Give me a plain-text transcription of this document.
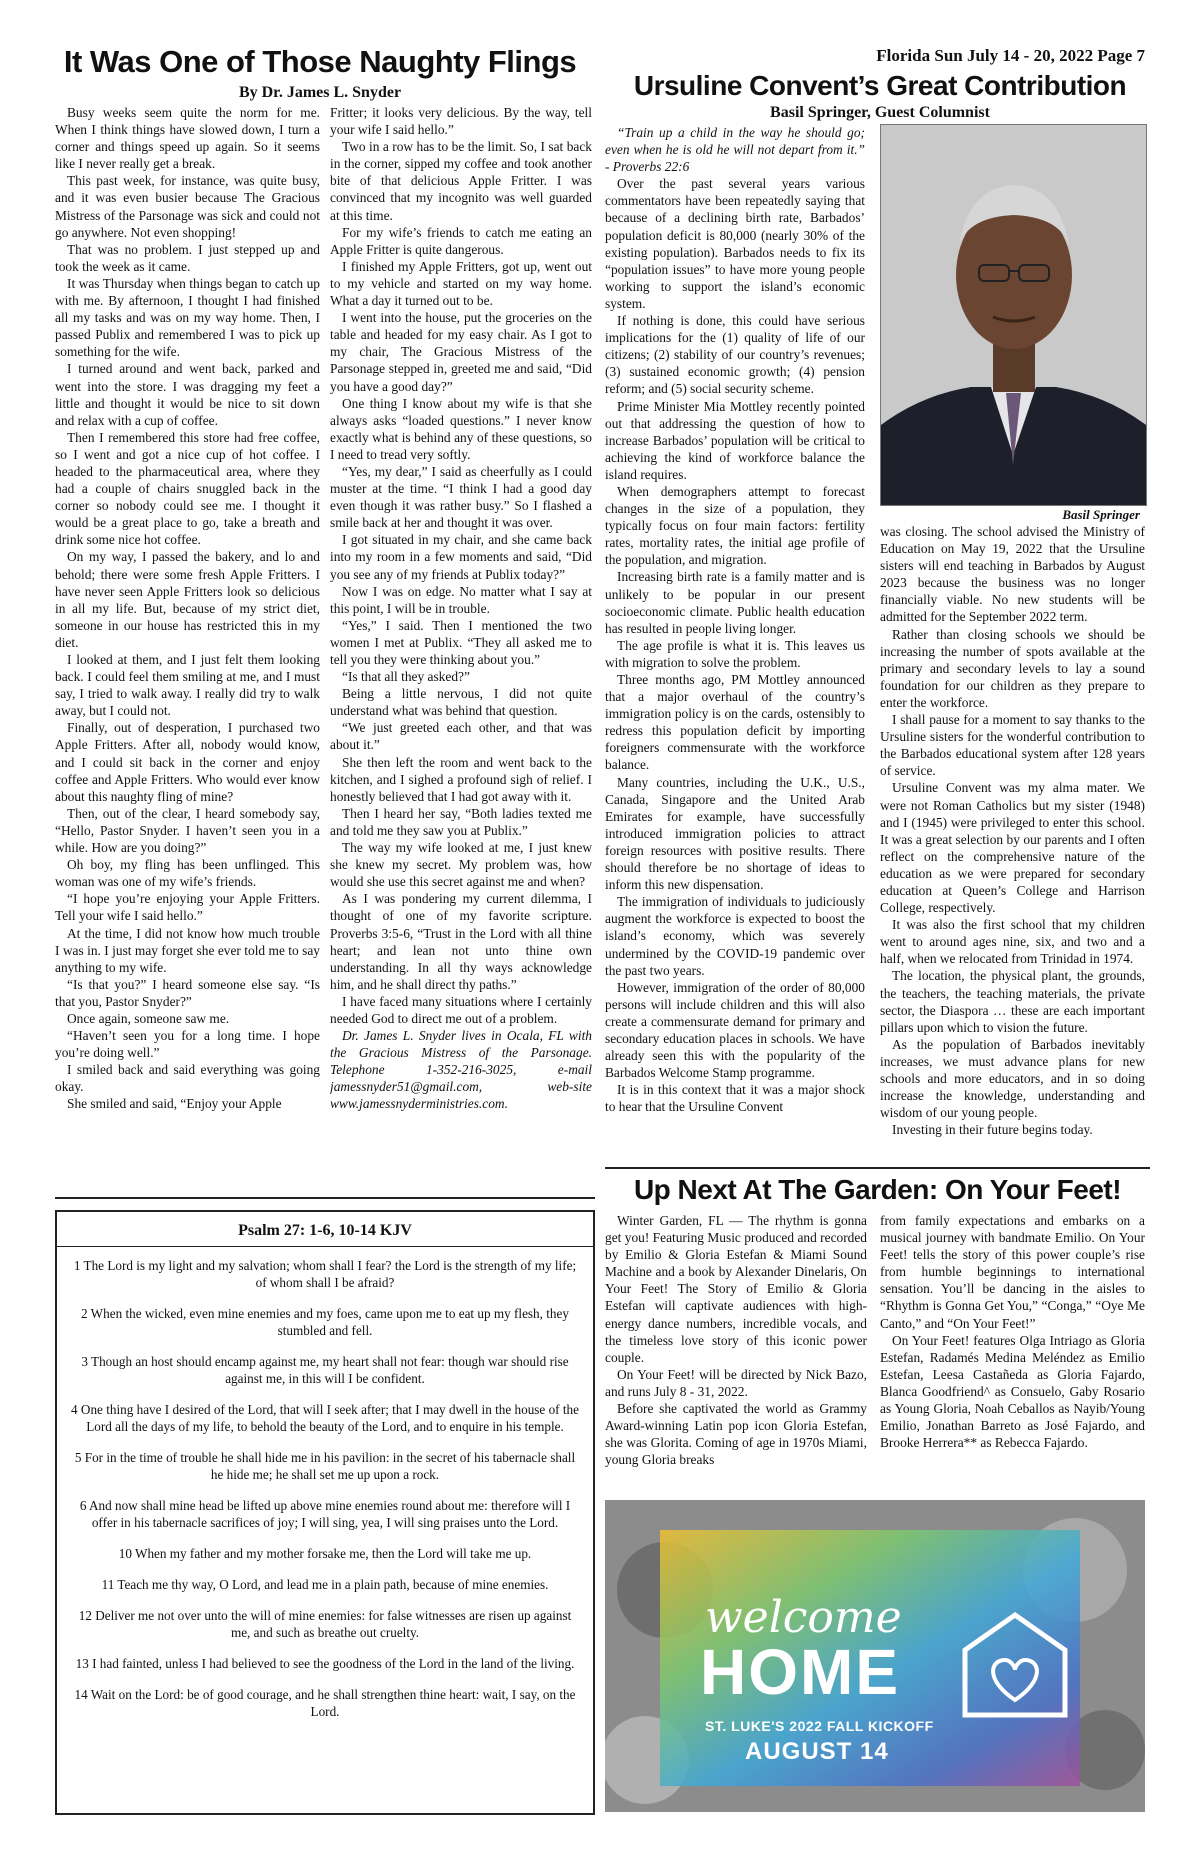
Florida Sun July 14 - 20, 2022 Page 7
It Was One of Those Naughty Flings
By Dr. James L. Snyder

Busy weeks seem quite the norm for me. When I think things have slowed down, I turn a corner and things speed up again. So it seems like I never really get a break.

This past week, for instance, was quite busy, and it was even busier because The Gracious Mistress of the Parsonage was sick and could not go anywhere. Not even shopping!

That was no problem. I just stepped up and took the week as it came.

It was Thursday when things began to catch up with me. By afternoon, I thought I had finished all my tasks and was on my way home. Then, I passed Publix and remembered I was to pick up something for the wife.

I turned around and went back, parked and went into the store. I was dragging my feet a little and thought it would be nice to sit down and relax with a cup of coffee.

Then I remembered this store had free coffee, so I went and got a nice cup of hot coffee. I headed to the pharmaceutical area, where they had a couple of chairs snuggled back in the corner so nobody could see me. I thought it would be a great place to go, take a breath and drink some nice hot coffee.

On my way, I passed the bakery, and lo and behold; there were some fresh Apple Fritters. I have never seen Apple Fritters look so delicious in all my life. But, because of my strict diet, someone in our house has restricted this in my diet.

I looked at them, and I just felt them looking back. I could feel them smiling at me, and I must say, I tried to walk away. I really did try to walk away, but I could not.

Finally, out of desperation, I purchased two Apple Fritters. After all, nobody would know, and I could sit back in the corner and enjoy coffee and Apple Fritters. Who would ever know about this naughty fling of mine?

Then, out of the clear, I heard somebody say, “Hello, Pastor Snyder. I haven’t seen you in a while. How are you doing?”

Oh boy, my fling has been unflinged. This woman was one of my wife’s friends.

“I hope you’re enjoying your Apple Fritters. Tell your wife I said hello.”

At the time, I did not know how much trouble I was in. I just may forget she ever told me to say anything to my wife.

“Is that you?” I heard someone else say. “Is that you, Pastor Snyder?”

Once again, someone saw me.

“Haven’t seen you for a long time. I hope you’re doing well.”

I smiled back and said everything was going okay.

She smiled and said, “Enjoy your Apple

Fritter; it looks very delicious. By the way, tell your wife I said hello.”

Two in a row has to be the limit. So, I sat back in the corner, sipped my coffee and took another bite of that delicious Apple Fritter. I was convinced that my incognito was well guarded at this time.

For my wife’s friends to catch me eating an Apple Fritter is quite dangerous.

I finished my Apple Fritters, got up, went out to my vehicle and started on my way home. What a day it turned out to be.

I went into the house, put the groceries on the table and headed for my easy chair. As I got to my chair, The Gracious Mistress of the Parsonage stepped in, greeted me and said, “Did you have a good day?”

One thing I know about my wife is that she always asks “loaded questions.” I never know exactly what is behind any of these questions, so I need to tread very softly.

“Yes, my dear,” I said as cheerfully as I could muster at the time. “I think I had a good day even though it was rather busy.” So I flashed a smile back at her and thought it was over.

I got situated in my chair, and she came back into my room in a few moments and said, “Did you see any of my friends at Publix today?”

Now I was on edge. No matter what I say at this point, I will be in trouble.

“Yes,” I said. Then I mentioned the two women I met at Publix. “They all asked me to tell you they were thinking about you.”

“Is that all they asked?”

Being a little nervous, I did not quite understand what was behind that question.

“We just greeted each other, and that was about it.”

She then left the room and went back to the kitchen, and I sighed a profound sigh of relief. I honestly believed that I had got away with it.

Then I heard her say, “Both ladies texted me and told me they saw you at Publix.”

The way my wife looked at me, I just knew she knew my secret. My problem was, how would she use this secret against me and when?

As I was pondering my current dilemma, I thought of one of my favorite scripture. Proverbs 3:5-6, “Trust in the Lord with all thine heart; and lean not unto thine own understanding. In all thy ways acknowledge him, and he shall direct thy paths.”

I have faced many situations where I certainly needed God to direct me out of a problem.

Dr. James L. Snyder lives in Ocala, FL with the Gracious Mistress of the Parsonage. Telephone 1-352-216-3025, e-mail jamessnyder51@gmail.com, web-site www.jamessnyderministries.com.

Ursuline Convent’s Great Contribution
Basil Springer, Guest Columnist

“Train up a child in the way he should go; even when he is old he will not depart from it.” - Proverbs 22:6

Over the past several years various commentators have been repeatedly saying that because of a declining birth rate, Barbados’ population deficit is 80,000 (nearly 30% of the existing population). Barbados needs to fix its “population issues” to have more young people working to support the island’s economic system.

If nothing is done, this could have serious implications for the (1) quality of life of our citizens; (2) stability of our country’s revenues; (3) sustained economic growth; (4) pension reform; and (5) social security scheme.

Prime Minister Mia Mottley recently pointed out that addressing the question of how to increase Barbados’ population will be critical to achieving the kind of workforce balance the island requires.

When demographers attempt to forecast changes in the size of a population, they typically focus on four main factors: fertility rates, mortality rates, the initial age profile of the population, and migration.

Increasing birth rate is a family matter and is unlikely to be popular in our present socioeconomic climate. Public health education has resulted in people living longer.

The age profile is what it is. This leaves us with migration to solve the problem.

Three months ago, PM Mottley announced that a major overhaul of the country’s immigration policy is on the cards, ostensibly to redress this population deficit by importing foreigners commensurate with the workforce balance.

Many countries, including the U.K., U.S., Canada, Singapore and the United Arab Emirates for example, have successfully introduced immigration policies to attract foreign resources with positive results. There should therefore be no shortage of ideas to inform this new dispensation.

The immigration of individuals to judiciously augment the workforce is expected to boost the island’s economy, which was severely undermined by the COVID-19 pandemic over the past two years.

However, immigration of the order of 80,000 persons will include children and this will also create a commensurate demand for primary and secondary education places in schools. We have already seen this with the popularity of the Barbados Welcome Stamp programme.

It is in this context that it was a major shock to hear that the Ursuline Convent

Basil Springer

was closing. The school advised the Ministry of Education on May 19, 2022 that the Ursuline sisters will end teaching in Barbados by August 2023 because the business was no longer financially viable. No new students will be admitted for the September 2022 term.

Rather than closing schools we should be increasing the number of spots available at the primary and secondary levels to lay a sound foundation for our children as they prepare to enter the workforce.

I shall pause for a moment to say thanks to the Ursuline sisters for the wonderful contribution to the Barbados educational system after 128 years of service.

Ursuline Convent was my alma mater. We were not Roman Catholics but my sister (1948) and I (1945) were privileged to enter this school. It was a great selection by our parents and I often reflect on the comprehensive nature of the education as we were prepared for secondary education at Queen’s College and Harrison College, respectively.

It was also the first school that my children went to around ages nine, six, and two and a half, when we relocated from Trinidad in 1974.

The location, the physical plant, the grounds, the teachers, the teaching materials, the private sector, the Diaspora … these are each important pillars upon which to vision the future.

As the population of Barbados inevitably increases, we must advance plans for new schools and more educators, and in so doing increase the knowledge, understanding and wisdom of our young people.

Investing in their future begins today.

Psalm 27: 1-6, 10-14 KJV

1 The Lord is my light and my salvation; whom shall I fear? the Lord is the strength of my life; of whom shall I be afraid?

2 When the wicked, even mine enemies and my foes, came upon me to eat up my flesh, they stumbled and fell.

3 Though an host should encamp against me, my heart shall not fear: though war should rise against me, in this will I be confident.

4 One thing have I desired of the Lord, that will I seek after; that I may dwell in the house of the Lord all the days of my life, to behold the beauty of the Lord, and to enquire in his temple.

5 For in the time of trouble he shall hide me in his pavilion: in the secret of his tabernacle shall he hide me; he shall set me up upon a rock.

6 And now shall mine head be lifted up above mine enemies round about me: therefore will I offer in his tabernacle sacrifices of joy; I will sing, yea, I will sing praises unto the Lord.

10 When my father and my mother forsake me, then the Lord will take me up.

11 Teach me thy way, O Lord, and lead me in a plain path, because of mine enemies.

12 Deliver me not over unto the will of mine enemies: for false witnesses are risen up against me, and such as breathe out cruelty.

13 I had fainted, unless I had believed to see the goodness of the Lord in the land of the living.

14 Wait on the Lord: be of good courage, and he shall strengthen thine heart: wait, I say, on the Lord.

Up Next At The Garden: On Your Feet!

Winter Garden, FL — The rhythm is gonna get you! Featuring Music produced and recorded by Emilio & Gloria Estefan & Miami Sound Machine and a book by Alexander Dinelaris, On Your Feet! The Story of Emilio & Gloria Estefan will captivate audiences with high-energy dance numbers, incredible vocals, and the timeless love story of this iconic power couple.

On Your Feet! will be directed by Nick Bazo, and runs July 8 - 31, 2022.

Before she captivated the world as Grammy Award-winning Latin pop icon Gloria Estefan, she was Glorita. Coming of age in 1970s Miami, young Gloria breaks

from family expectations and embarks on a musical journey with bandmate Emilio. On Your Feet! tells the story of this power couple’s rise from humble beginnings to international sensation. You’ll be dancing in the aisles to “Rhythm is Gonna Get You,” “Conga,” “Oye Me Canto,” and “On Your Feet!”

On Your Feet! features Olga Intriago as Gloria Estefan, Radamés Medina Meléndez as Emilio Estefan, Leesa Castañeda as Gloria Fajardo, Blanca Goodfriend^ as Consuelo, Gaby Rosario as Young Gloria, Noah Ceballos as Nayib/Young Emilio, Jonathan Barreto as José Fajardo, and Brooke Herrera** as Rebecca Fajardo.

welcome
HOME
ST. LUKE'S 2022 FALL KICKOFF
AUGUST 14
